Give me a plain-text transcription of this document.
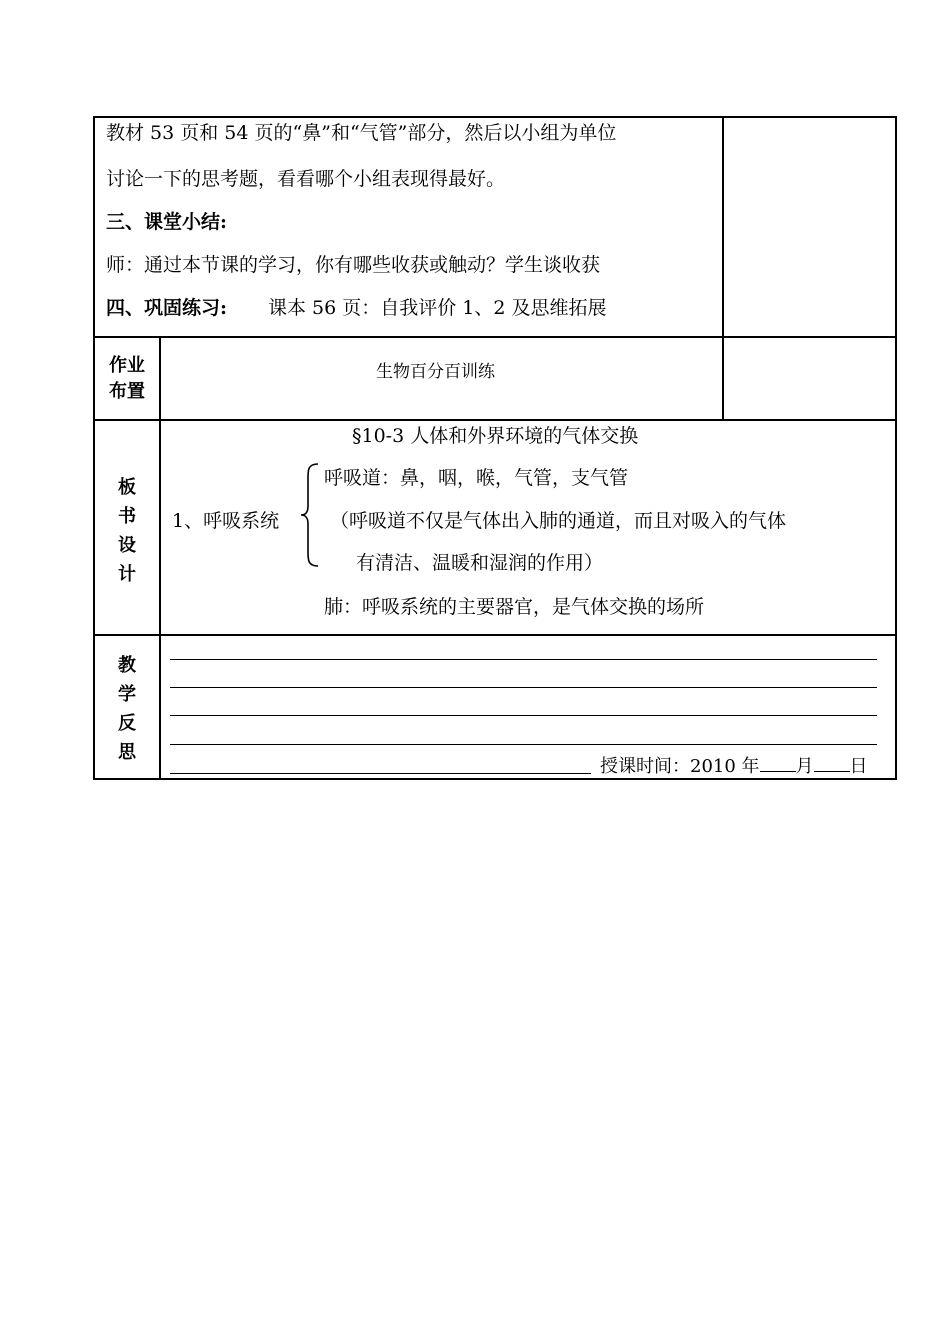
教材 53 页和 54 页的“鼻”和“气管”部分，然后以小组为单位
讨论一下的思考题，看看哪个小组表现得最好。
三、课堂小结:
师：通过本节课的学习，你有哪些收获或触动？学生谈收获
四、巩固练习: 课本 56 页：自我评价 1、2 及思维拓展
作业
布置
生物百分百训练
板
书
设
计
§10-3 人体和外界环境的气体交换
1、呼吸系统
呼吸道：鼻，咽，喉，气管，支气管
（呼吸道不仅是气体出入肺的通道，而且对吸入的气体
有清洁、温暖和湿润的作用）
肺：呼吸系统的主要器官，是气体交换的场所
教
学
反
思
授课时间：2010 年 月 日
